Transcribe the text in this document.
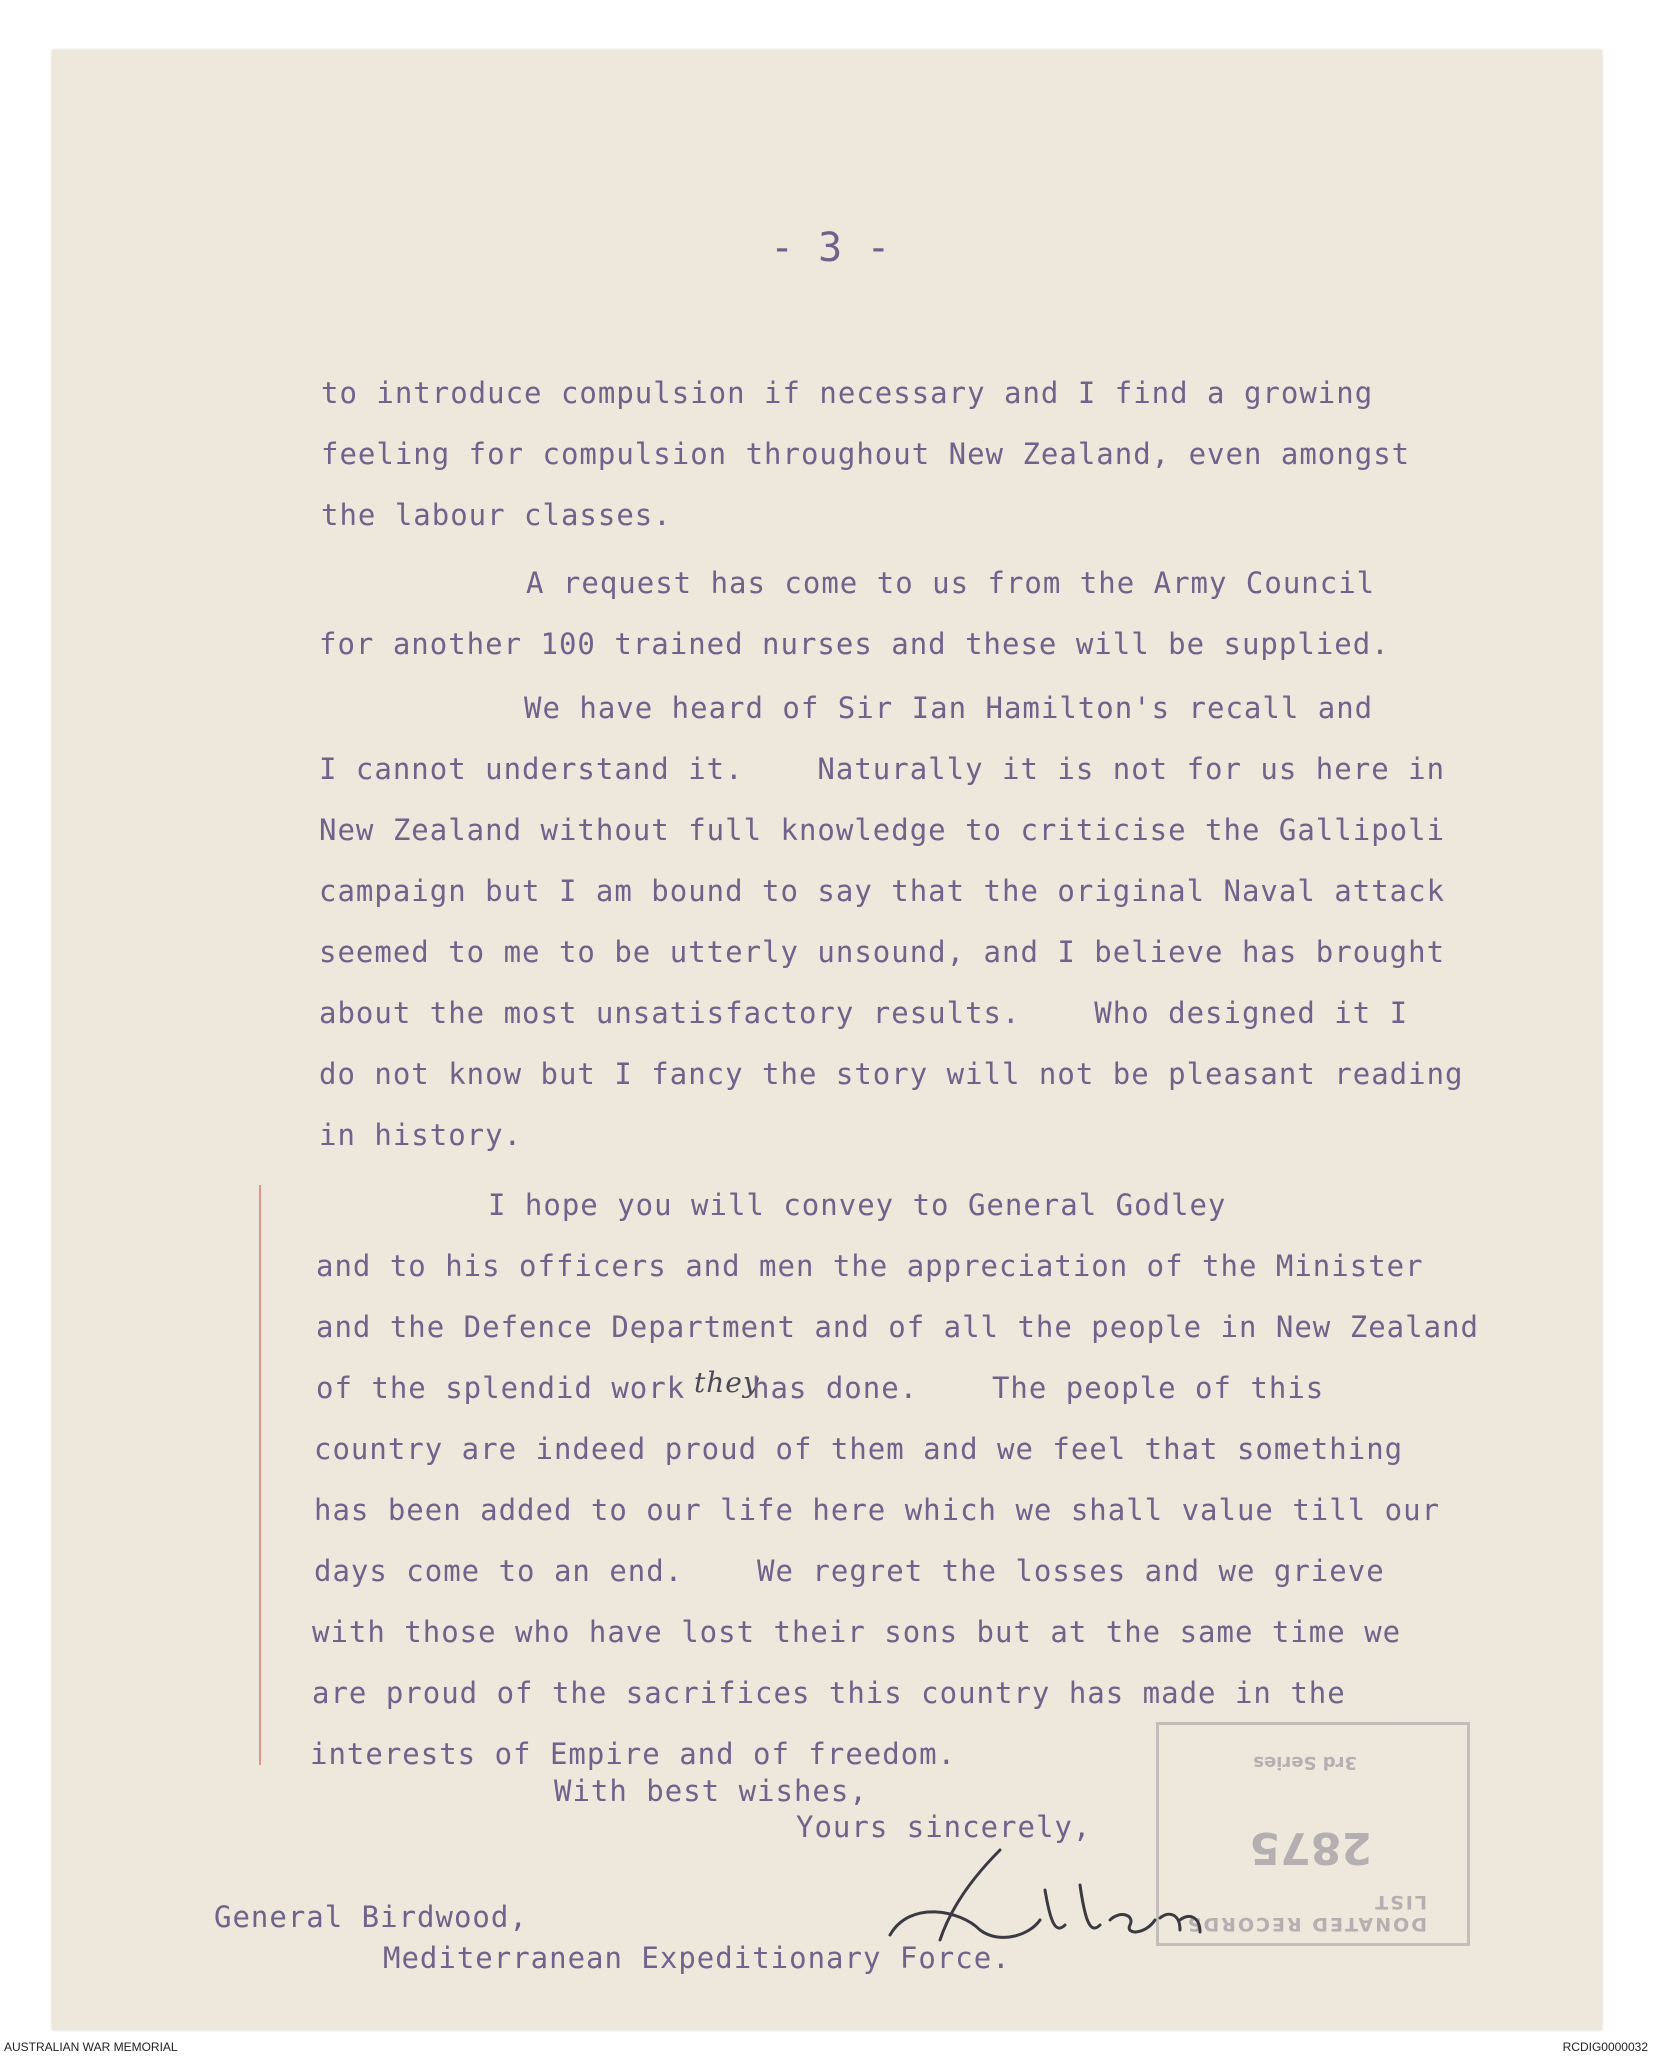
- 3 -
to introduce compulsion if necessary and I find a growing
feeling for compulsion throughout New Zealand, even amongst
the labour classes.
A request has come to us from the Army Council
for another 100 trained nurses and these will be supplied.
We have heard of Sir Ian Hamilton's recall and
I cannot understand it.    Naturally it is not for us here in
New Zealand without full knowledge to criticise the Gallipoli
campaign but I am bound to say that the original Naval attack
seemed to me to be utterly unsound, and I believe has brought
about the most unsatisfactory results.    Who designed it I
do not know but I fancy the story will not be pleasant reading
in history.
I hope you will convey to General Godley
and to his officers and men the appreciation of the Minister
and the Defence Department and of all the people in New Zealand
of the splendid work they
has done.    The people of this
country are indeed proud of them and we feel that something
has been added to our life here which we shall value till our
days come to an end.    We regret the losses and we grieve
with those who have lost their sons but at the same time we
are proud of the sacrifices this country has made in the
interests of Empire and of freedom.
With best wishes,
Yours sincerely,
DONATED RECORDS LIST
2875
3rd Series
General Birdwood,
Mediterranean Expeditionary Force.
AUSTRALIAN WAR MEMORIAL	RCDIG0000032
